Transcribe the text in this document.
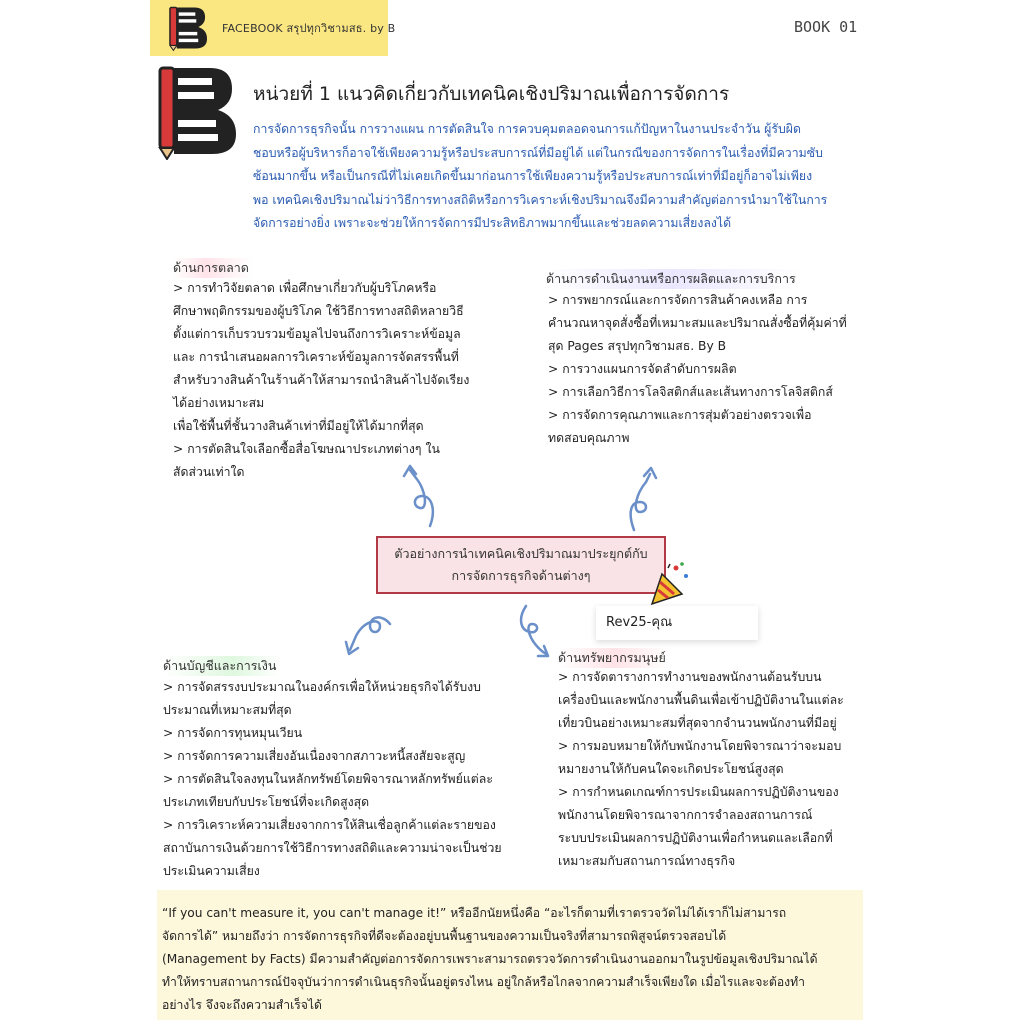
FACEBOOK สรุปทุกวิชามสธ. by B	BOOK 01
หน่วยที่ 1 แนวคิดเกี่ยวกับเทคนิคเชิงปริมาณเพื่อการจัดการ
การจัดการธุรกิจนั้น การวางแผน การตัดสินใจ การควบคุมตลอดจนการแก้ปัญหาในงานประจำวัน ผู้รับผิด
ชอบหรือผู้บริหารก็อาจใช้เพียงความรู้หรือประสบการณ์ที่มีอยู่ได้ แต่ในกรณีของการจัดการในเรื่องที่มีความซับ
ซ้อนมากขึ้น หรือเป็นกรณีที่ไม่เคยเกิดขึ้นมาก่อนการใช้เพียงความรู้หรือประสบการณ์เท่าที่มีอยู่ก็อาจไม่เพียง
พอ เทคนิคเชิงปริมาณไม่ว่าวิธีการทางสถิติหรือการวิเคราะห์เชิงปริมาณจึงมีความสำคัญต่อการนำมาใช้ในการ
จัดการอย่างยิ่ง เพราะจะช่วยให้การจัดการมีประสิทธิภาพมากขึ้นและช่วยลดความเสี่ยงลงได้
ด้านการตลาด
> การทำวิจัยตลาด เพื่อศึกษาเกี่ยวกับผู้บริโภคหรือ
ศึกษาพฤติกรรมของผู้บริโภค ใช้วิธีการทางสถิติหลายวิธี
ตั้งแต่การเก็บรวบรวมข้อมูลไปจนถึงการวิเคราะห์ข้อมูล
และ การนำเสนอผลการวิเคราะห์ข้อมูลการจัดสรรพื้นที่
สำหรับวางสินค้าในร้านค้าให้สามารถนำสินค้าไปจัดเรียง
ได้อย่างเหมาะสม
เพื่อใช้พื้นที่ชั้นวางสินค้าเท่าที่มีอยู่ให้ได้มากที่สุด
> การตัดสินใจเลือกซื้อสื่อโฆษณาประเภทต่างๆ ใน
สัดส่วนเท่าใด
ด้านการดำเนินงานหรือการผลิตและการบริการ
> การพยากรณ์และการจัดการสินค้าคงเหลือ การ
คำนวณหาจุดสั่งซื้อที่เหมาะสมและปริมาณสั่งซื้อที่คุ้มค่าที่
สุด Pages สรุปทุกวิชามสธ. By B
> การวางแผนการจัดลำดับการผลิต
> การเลือกวิธีการโลจิสติกส์และเส้นทางการโลจิสติกส์
> การจัดการคุณภาพและการสุ่มตัวอย่างตรวจเพื่อ
ทดสอบคุณภาพ
ตัวอย่างการนำเทคนิคเชิงปริมาณมาประยุกต์กับ
การจัดการธุรกิจด้านต่างๆ
Rev25-คุณ
ด้านบัญชีและการเงิน
> การจัดสรรงบประมาณในองค์กรเพื่อให้หน่วยธุรกิจได้รับงบ
ประมาณที่เหมาะสมที่สุด
> การจัดการทุนหมุนเวียน
> การจัดการความเสี่ยงอันเนื่องจากสภาวะหนี้สงสัยจะสูญ
> การตัดสินใจลงทุนในหลักทรัพย์โดยพิจารณาหลักทรัพย์แต่ละ
ประเภทเทียบกับประโยชน์ที่จะเกิดสูงสุด
> การวิเคราะห์ความเสี่ยงจากการให้สินเชื่อลูกค้าแต่ละรายของ
สถาบันการเงินด้วยการใช้วิธีการทางสถิติและความน่าจะเป็นช่วย
ประเมินความเสี่ยง
ด้านทรัพยากรมนุษย์
> การจัดตารางการทำงานของพนักงานต้อนรับบน
เครื่องบินและพนักงานพื้นดินเพื่อเข้าปฏิบัติงานในแต่ละ
เที่ยวบินอย่างเหมาะสมที่สุดจากจำนวนพนักงานที่มีอยู่
> การมอบหมายให้กับพนักงานโดยพิจารณาว่าจะมอบ
หมายงานให้กับคนใดจะเกิดประโยชน์สูงสุด
> การกำหนดเกณฑ์การประเมินผลการปฏิบัติงานของ
พนักงานโดยพิจารณาจากการจำลองสถานการณ์
ระบบประเมินผลการปฏิบัติงานเพื่อกำหนดและเลือกที่
เหมาะสมกับสถานการณ์ทางธุรกิจ
“If you can't measure it, you can't manage it!” หรืออีกนัยหนึ่งคือ “อะไรก็ตามที่เราตรวจวัดไม่ได้เราก็ไม่สามารถ
จัดการได้” หมายถึงว่า การจัดการธุรกิจที่ดีจะต้องอยู่บนพื้นฐานของความเป็นจริงที่สามารถพิสูจน์ตรวจสอบได้
(Management by Facts) มีความสำคัญต่อการจัดการเพราะสามารถตรวจวัดการดำเนินงานออกมาในรูปข้อมูลเชิงปริมาณได้
ทำให้ทราบสถานการณ์ปัจจุบันว่าการดำเนินธุรกิจนั้นอยู่ตรงไหน อยู่ใกล้หรือไกลจากความสำเร็จเพียงใด เมื่อไรและจะต้องทำ
อย่างไร จึงจะถึงความสำเร็จได้
